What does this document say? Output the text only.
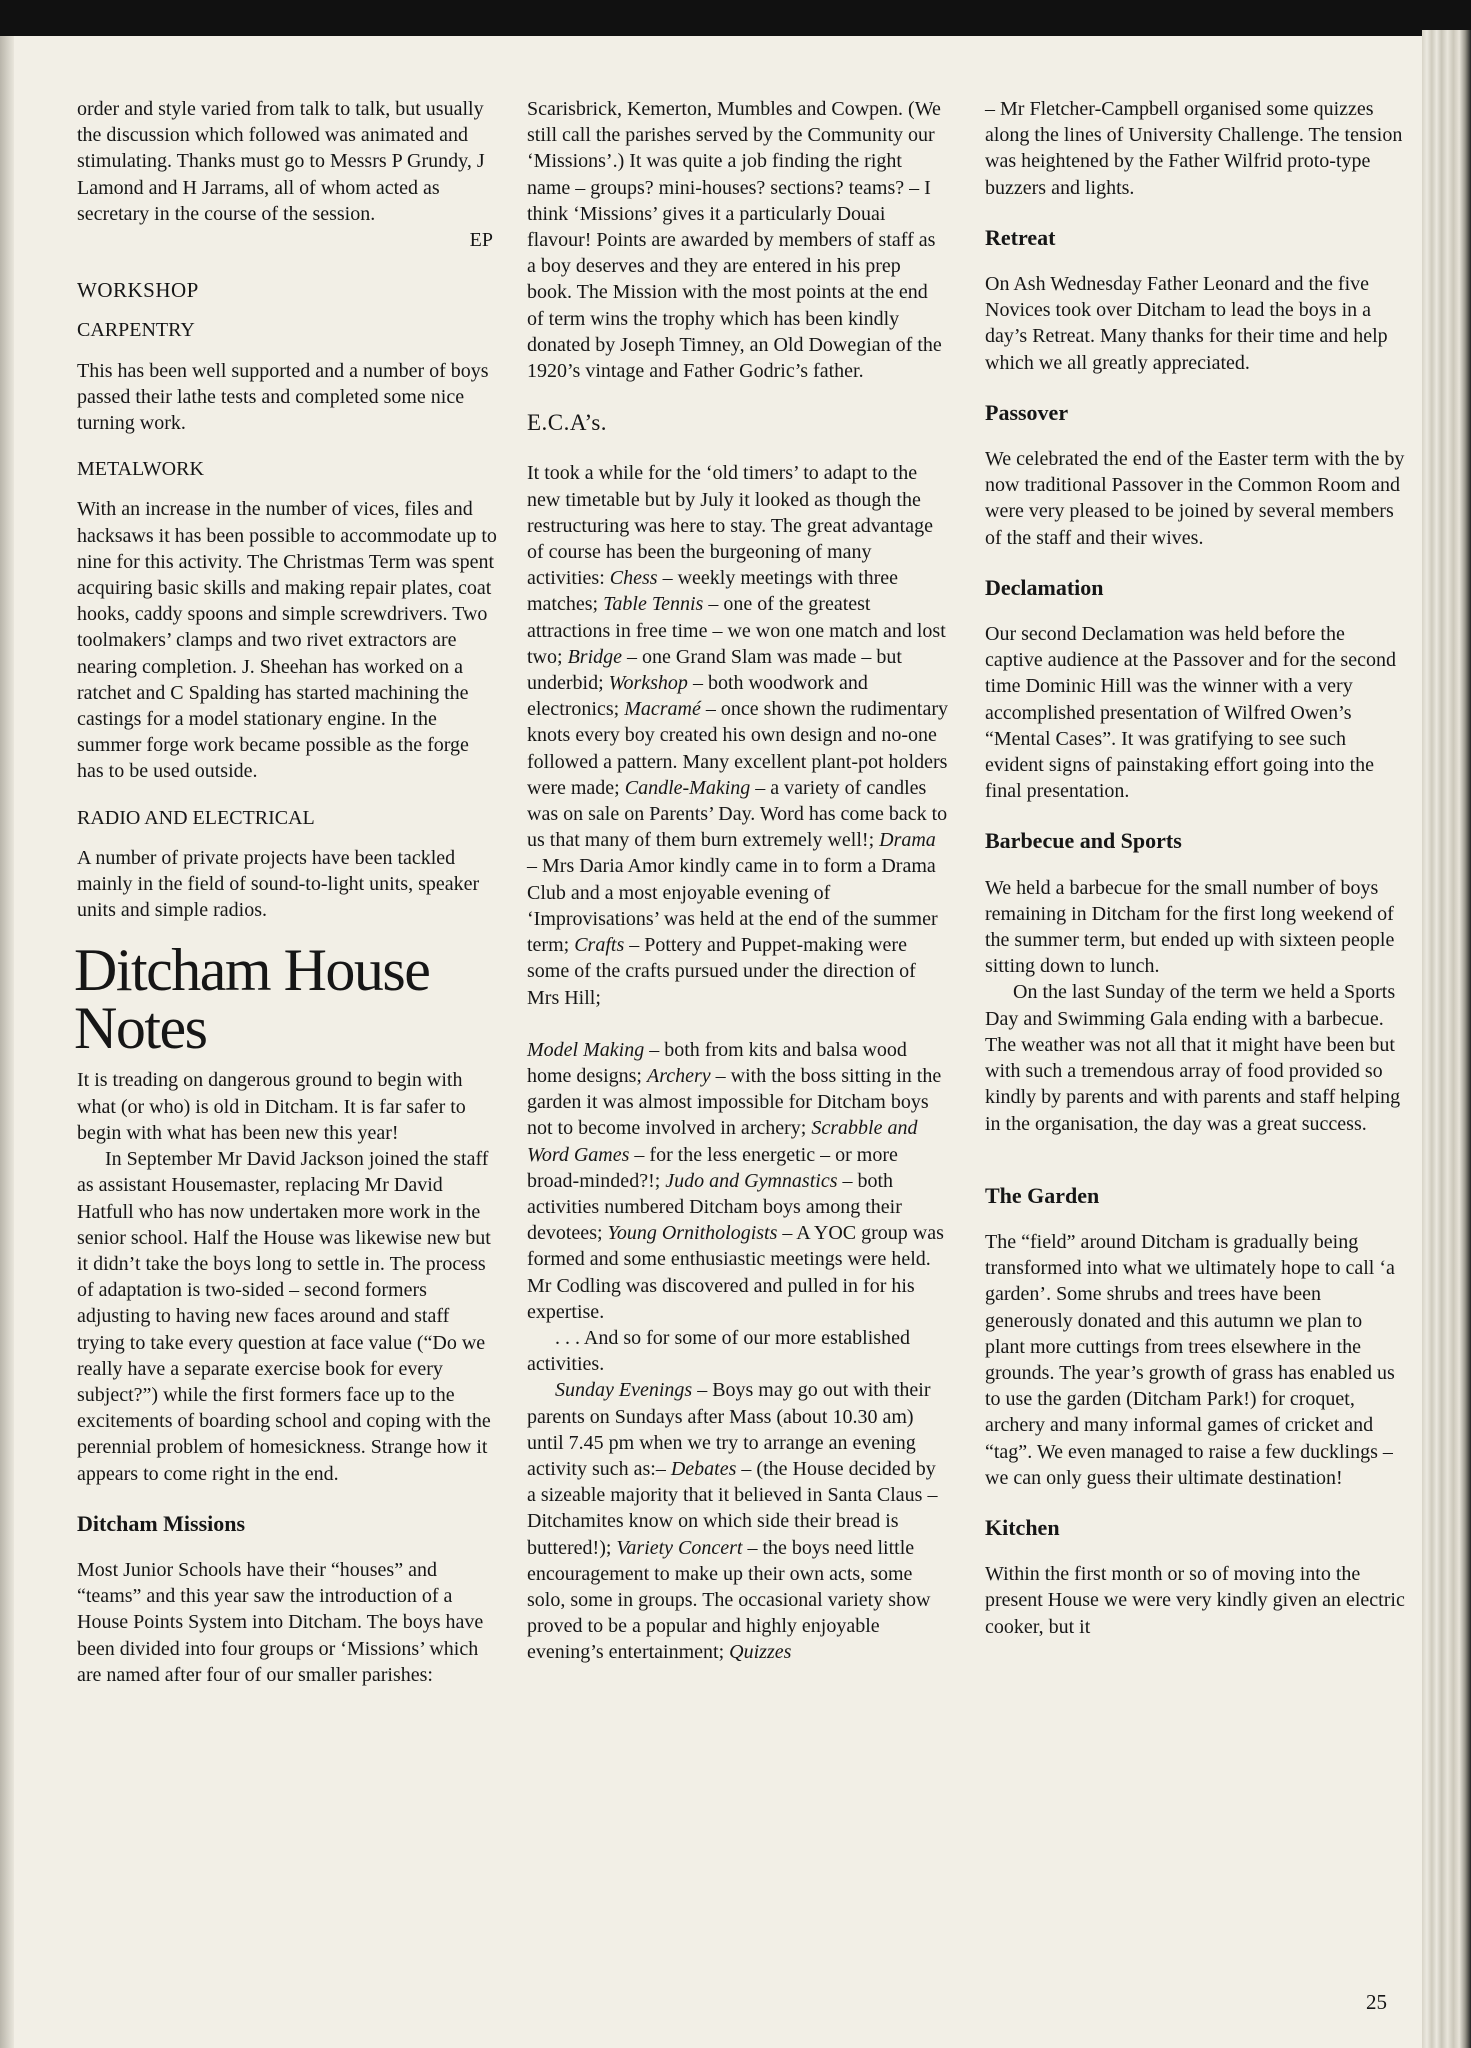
order and style varied from talk to talk, but usually the discussion which followed was animated and stimulating. Thanks must go to Messrs P Grundy, J Lamond and H Jarrams, all of whom acted as secretary in the course of the session.

EP

WORKSHOP
CARPENTRY

This has been well supported and a number of boys passed their lathe tests and completed some nice turning work.

METALWORK

With an increase in the number of vices, files and hacksaws it has been possible to accommodate up to nine for this activity. The Christmas Term was spent acquiring basic skills and making repair plates, coat hooks, caddy spoons and simple screwdrivers. Two toolmakers’ clamps and two rivet extractors are nearing completion. J. Sheehan has worked on a ratchet and C Spalding has started machining the castings for a model stationary engine. In the summer forge work became possible as the forge has to be used outside.

RADIO AND ELECTRICAL

A number of private projects have been tackled mainly in the field of sound-to-light units, speaker units and simple radios.

Ditcham House Notes

It is treading on dangerous ground to begin with what (or who) is old in Ditcham. It is far safer to begin with what has been new this year!

In September Mr David Jackson joined the staff as assistant Housemaster, replacing Mr David Hatfull who has now undertaken more work in the senior school. Half the House was likewise new but it didn’t take the boys long to settle in. The process of adaptation is two-sided – second formers adjusting to having new faces around and staff trying to take every question at face value (“Do we really have a separate exercise book for every subject?”) while the first formers face up to the excitements of boarding school and coping with the perennial problem of homesickness. Strange how it appears to come right in the end.

Ditcham Missions

Most Junior Schools have their “houses” and “teams” and this year saw the introduction of a House Points System into Ditcham. The boys have been divided into four groups or ‘Missions’ which are named after four of our smaller parishes:

Scarisbrick, Kemerton, Mumbles and Cowpen. (We still call the parishes served by the Community our ‘Missions’.) It was quite a job finding the right name – groups? mini-houses? sections? teams? – I think ‘Missions’ gives it a particularly Douai flavour! Points are awarded by members of staff as a boy deserves and they are entered in his prep book. The Mission with the most points at the end of term wins the trophy which has been kindly donated by Joseph Timney, an Old Dowegian of the 1920’s vintage and Father Godric’s father.

E.C.A’s.

It took a while for the ‘old timers’ to adapt to the new timetable but by July it looked as though the restructuring was here to stay. The great advantage of course has been the burgeoning of many activities: Chess – weekly meetings with three matches; Table Tennis – one of the greatest attractions in free time – we won one match and lost two; Bridge – one Grand Slam was made – but underbid; Workshop – both woodwork and electronics; Macramé – once shown the rudimentary knots every boy created his own design and no-one followed a pattern. Many excellent plant-pot holders were made; Candle-Making – a variety of candles was on sale on Parents’ Day. Word has come back to us that many of them burn extremely well!; Drama – Mrs Daria Amor kindly came in to form a Drama Club and a most enjoyable evening of ‘Improvisations’ was held at the end of the summer term; Crafts – Pottery and Puppet-making were some of the crafts pursued under the direction of Mrs Hill;

Model Making – both from kits and balsa wood home designs; Archery – with the boss sitting in the garden it was almost impossible for Ditcham boys not to become involved in archery; Scrabble and Word Games – for the less energetic – or more broad-minded?!; Judo and Gymnastics – both activities numbered Ditcham boys among their devotees; Young Ornithologists – A YOC group was formed and some enthusiastic meetings were held. Mr Codling was discovered and pulled in for his expertise.

. . . And so for some of our more established activities.

Sunday Evenings – Boys may go out with their parents on Sundays after Mass (about 10.30 am) until 7.45 pm when we try to arrange an evening activity such as:– Debates – (the House decided by a sizeable majority that it believed in Santa Claus – Ditchamites know on which side their bread is buttered!); Variety Concert – the boys need little encouragement to make up their own acts, some solo, some in groups. The occasional variety show proved to be a popular and highly enjoyable evening’s entertainment; Quizzes

– Mr Fletcher-Campbell organised some quizzes along the lines of University Challenge. The tension was heightened by the Father Wilfrid proto-type buzzers and lights.

Retreat

On Ash Wednesday Father Leonard and the five Novices took over Ditcham to lead the boys in a day’s Retreat. Many thanks for their time and help which we all greatly appreciated.

Passover

We celebrated the end of the Easter term with the by now traditional Passover in the Common Room and were very pleased to be joined by several members of the staff and their wives.

Declamation

Our second Declamation was held before the captive audience at the Passover and for the second time Dominic Hill was the winner with a very accomplished presentation of Wilfred Owen’s “Mental Cases”. It was gratifying to see such evident signs of painstaking effort going into the final presentation.

Barbecue and Sports

We held a barbecue for the small number of boys remaining in Ditcham for the first long weekend of the summer term, but ended up with sixteen people sitting down to lunch.

On the last Sunday of the term we held a Sports Day and Swimming Gala ending with a barbecue. The weather was not all that it might have been but with such a tremendous array of food provided so kindly by parents and with parents and staff helping in the organisation, the day was a great success.

The Garden

The “field” around Ditcham is gradually being transformed into what we ultimately hope to call ‘a garden’. Some shrubs and trees have been generously donated and this autumn we plan to plant more cuttings from trees elsewhere in the grounds. The year’s growth of grass has enabled us to use the garden (Ditcham Park!) for croquet, archery and many informal games of cricket and “tag”. We even managed to raise a few ducklings – we can only guess their ultimate destination!

Kitchen

Within the first month or so of moving into the present House we were very kindly given an electric cooker, but it

25
